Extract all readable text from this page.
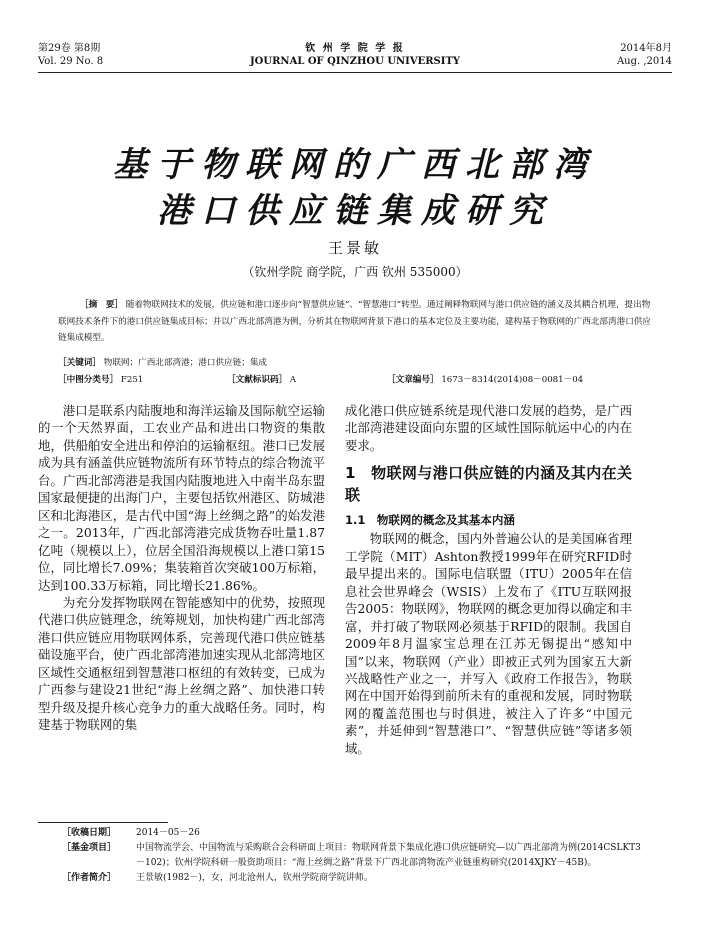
第29卷 第8期
Vol. 29 No. 8
钦 州 学 院 学 报
JOURNAL OF QINZHOU UNIVERSITY
2014年8月
Aug. ,2014
基于物联网的广西北部湾
港口供应链集成研究
王景敏
（钦州学院 商学院，广西 钦州 535000）
［摘　要］ 随着物联网技术的发展，供应链和港口逐步向“智慧供应链”、“智慧港口”转型。通过阐释物联网与港口供应链的涵义及其耦合机理，提出物联网技术条件下的港口供应链集成目标；并以广西北部湾港为例，分析其在物联网背景下港口的基本定位及主要功能，建构基于物联网的广西北部湾港口供应链集成模型。
［关键词］ 物联网；广西北部湾港；港口供应链；集成
［中图分类号］ F251	［文献标识码］ A	［文章编号］ 1673－8314(2014)08－0081－04

港口是联系内陆腹地和海洋运输及国际航空运输的一个天然界面，工农业产品和进出口物资的集散地，供船舶安全进出和停泊的运输枢纽。港口已发展成为具有涵盖供应链物流所有环节特点的综合物流平台。广西北部湾港是我国内陆腹地进入中南半岛东盟国家最便捷的出海门户，主要包括钦州港区、防城港区和北海港区，是古代中国“海上丝绸之路”的始发港之一。2013年，广西北部湾港完成货物吞吐量1.87亿吨（规模以上），位居全国沿海规模以上港口第15位，同比增长7.09%；集装箱首次突破100万标箱，达到100.33万标箱，同比增长21.86%。

为充分发挥物联网在智能感知中的优势，按照现代港口供应链理念，统筹规划，加快构建广西北部湾港口供应链应用物联网体系，完善现代港口供应链基础设施平台，使广西北部湾港加速实现从北部湾地区区域性交通枢纽到智慧港口枢纽的有效转变，已成为广西参与建设21世纪“海上丝绸之路”、加快港口转型升级及提升核心竞争力的重大战略任务。同时，构建基于物联网的集

成化港口供应链系统是现代港口发展的趋势，是广西北部湾港建设面向东盟的区域性国际航运中心的内在要求。

1　物联网与港口供应链的内涵及其内在关联

1.1　物联网的概念及其基本内涵

物联网的概念，国内外普遍公认的是美国麻省理工学院（MIT）Ashton教授1999年在研究RFID时最早提出来的。国际电信联盟（ITU）2005年在信息社会世界峰会（WSIS）上发布了《ITU互联网报告2005：物联网》，物联网的概念更加得以确定和丰富，并打破了物联网必须基于RFID的限制。我国自2009年8月温家宝总理在江苏无锡提出“感知中国”以来，物联网（产业）即被正式列为国家五大新兴战略性产业之一，并写入《政府工作报告》，物联网在中国开始得到前所未有的重视和发展，同时物联网的覆盖范围也与时俱进，被注入了许多“中国元素”，并延伸到“智慧港口”、“智慧供应链”等诸多领域。

［收稿日期］	2014－05－26
［基金项目］	中国物流学会、中国物流与采购联合会科研面上项目：物联网背景下集成化港口供应链研究—以广西北部湾为例(2014CSLKT3－102)；钦州学院科研一般资助项目：“海上丝绸之路”背景下广西北部湾物流产业链重构研究(2014XJKY－45B)。
［作者简介］	王景敏(1982－)，女，河北沧州人，钦州学院商学院讲师。
